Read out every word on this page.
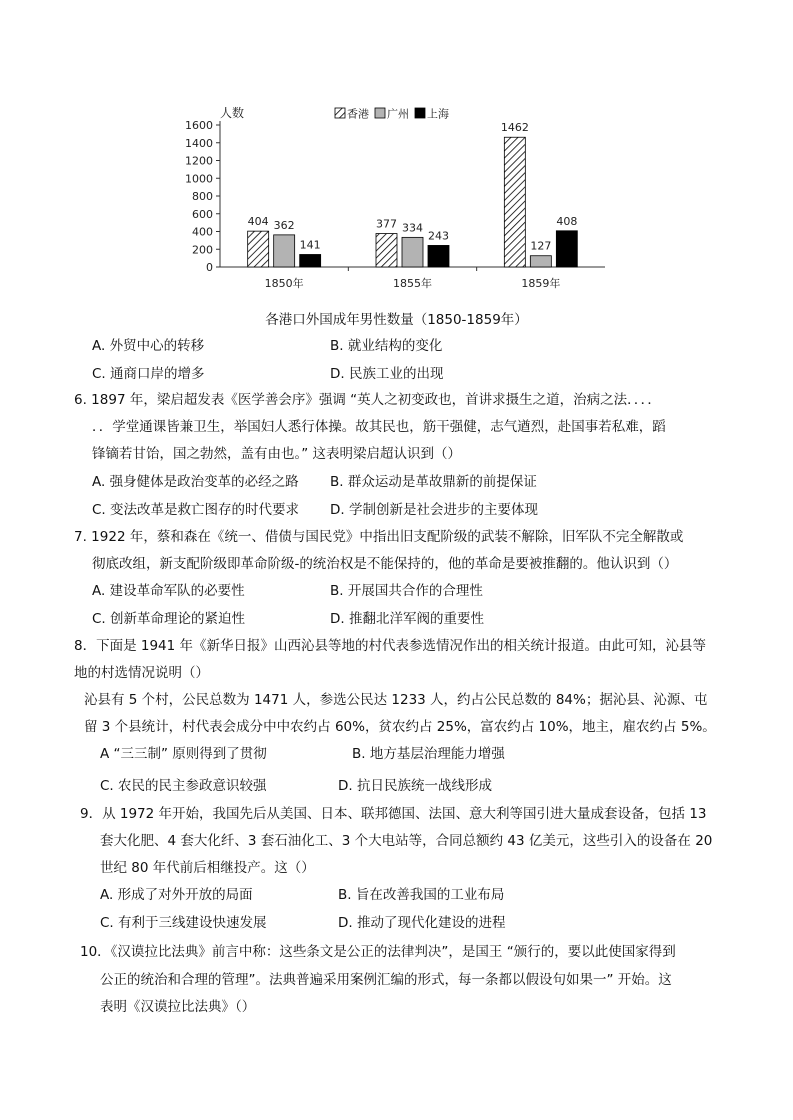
0
200
400
600
800
1000
1200
1400
1600
人数
1850年
404 362
141
1855年
377 334
243
1859年
1462
127
408
香港 广州 上海
各港口外国成年男性数量（1850-1859年）
A. 外贸中心的转移	B. 就业结构的变化
C. 通商口岸的增多	D. 民族工业的出现
6. 1897 年，梁启超发表《医学善会序》强调 “英人之初变政也，首讲求摄生之道，治病之法．．．．
．．学堂通课皆兼卫生，举国妇人悉行体操。故其民也，筋干强健，志气遒烈，赴国事若私难，蹈
锋镝若甘饴，国之勃然，盖有由也。” 这表明梁启超认识到（）
A. 强身健体是政治变革的必经之路 B. 群众运动是革故鼎新的前提保证
C. 变法改革是救亡图存的时代要求 D. 学制创新是社会进步的主要体现
7. 1922 年，蔡和森在《统一、借债与国民党》中指出旧支配阶级的武装不解除，旧军队不完全解散或
彻底改组，新支配阶级即革命阶级-的统治权是不能保持的，他的革命是要被推翻的。他认识到（）
A. 建设革命军队的必要性	B. 开展国共合作的合理性
C. 创新革命理论的紧迫性	D. 推翻北洋军阀的重要性
8．下面是 1941 年《新华日报》山西沁县等地的村代表参选情况作出的相关统计报道。由此可知，沁县等
地的村选情况说明（）
沁县有 5 个村，公民总数为 1471 人，参选公民达 1233 人，约占公民总数的 84%；据沁县、沁源、屯
留 3 个县统计，村代表会成分中中农约占 60%，贫农约占 25%，富农约占 10%，地主，雇农约占 5%。
A “三三制” 原则得到了贯彻	B. 地方基层治理能力增强
C. 农民的民主参政意识较强	D. 抗日民族统一战线形成
9．从 1972 年开始，我国先后从美国、日本、联邦德国、法国、意大利等国引进大量成套设备，包括 13
套大化肥、4 套大化纤、3 套石油化工、3 个大电站等，合同总额约 43 亿美元，这些引入的设备在 20
世纪 80 年代前后相继投产。这（）
A. 形成了对外开放的局面	B. 旨在改善我国的工业布局
C. 有利于三线建设快速发展	D. 推动了现代化建设的进程
10．《汉谟拉比法典》前言中称：这些条文是公正的法律判决”，是国王 “颁行的，要以此使国家得到
公正的统治和合理的管理”。法典普遍采用案例汇编的形式，每一条都以假设句如果一” 开始。这
表明《汉谟拉比法典》（）
